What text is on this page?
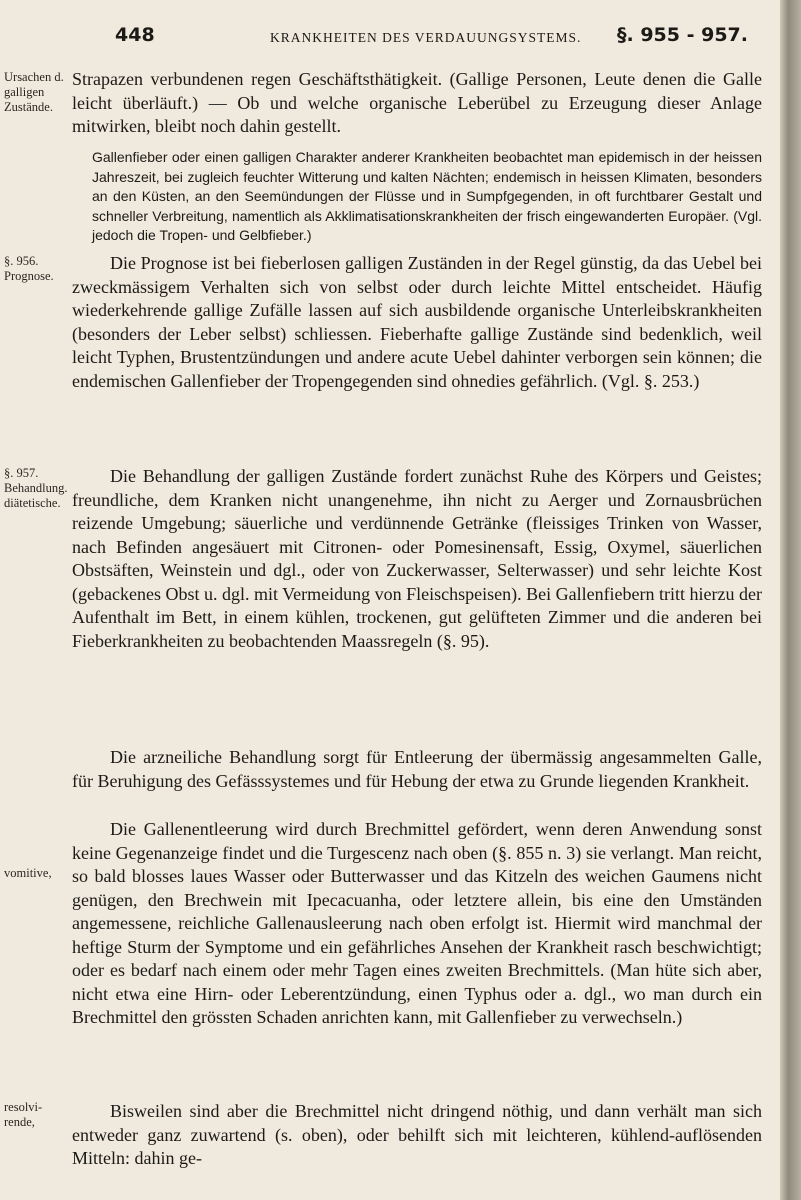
448	KRANKHEITEN DES VERDAUUNGSYSTEMS. §. 955 - 957.
Ursachen d. galligen Zustände.

Strapazen verbundenen regen Geschäftsthätigkeit. (Gallige Personen, Leute denen die Galle leicht überläuft.) — Ob und welche organische Leberübel zu Erzeugung dieser Anlage mitwirken, bleibt noch dahin gestellt.

Gallenfieber oder einen galligen Charakter anderer Krankheiten beobachtet man epidemisch in der heissen Jahreszeit, bei zugleich feuchter Witterung und kalten Nächten; endemisch in heissen Klimaten, besonders an den Küsten, an den Seemündungen der Flüsse und in Sumpfgegenden, in oft furchtbarer Gestalt und schneller Verbreitung, namentlich als Akklimatisationskrankheiten der frisch eingewanderten Europäer. (Vgl. jedoch die Tropen- und Gelbfieber.)

§. 956. Prognose.

Die Prognose ist bei fieberlosen galligen Zuständen in der Regel günstig, da das Uebel bei zweckmässigem Verhalten sich von selbst oder durch leichte Mittel entscheidet. Häufig wiederkehrende gallige Zufälle lassen auf sich ausbildende organische Unterleibskrankheiten (besonders der Leber selbst) schliessen. Fieberhafte gallige Zustände sind bedenklich, weil leicht Typhen, Brustentzündungen und andere acute Uebel dahinter verborgen sein können; die endemischen Gallenfieber der Tropengegenden sind ohnedies gefährlich. (Vgl. §. 253.)

§. 957. Behandlung. diätetische.

Die Behandlung der galligen Zustände fordert zunächst Ruhe des Körpers und Geistes; freundliche, dem Kranken nicht unangenehme, ihn nicht zu Aerger und Zornausbrüchen reizende Umgebung; säuerliche und verdünnende Getränke (fleissiges Trinken von Wasser, nach Befinden angesäuert mit Citronen- oder Pomesinensaft, Essig, Oxymel, säuerlichen Obstsäften, Weinstein und dgl., oder von Zuckerwasser, Selterwasser) und sehr leichte Kost (gebackenes Obst u. dgl. mit Vermeidung von Fleischspeisen). Bei Gallenfiebern tritt hierzu der Aufenthalt im Bett, in einem kühlen, trockenen, gut gelüfteten Zimmer und die anderen bei Fieberkrankheiten zu beobachtenden Maassregeln (§. 95).

Die arzneiliche Behandlung sorgt für Entleerung der übermässig angesammelten Galle, für Beruhigung des Gefässsystemes und für Hebung der etwa zu Grunde liegenden Krankheit.

vomitive,

Die Gallenentleerung wird durch Brechmittel gefördert, wenn deren Anwendung sonst keine Gegenanzeige findet und die Turgescenz nach oben (§. 855 n. 3) sie verlangt. Man reicht, so bald blosses laues Wasser oder Butterwasser und das Kitzeln des weichen Gaumens nicht genügen, den Brechwein mit Ipecacuanha, oder letztere allein, bis eine den Umständen angemessene, reichliche Gallenausleerung nach oben erfolgt ist. Hiermit wird manchmal der heftige Sturm der Symptome und ein gefährliches Ansehen der Krankheit rasch beschwichtigt; oder es bedarf nach einem oder mehr Tagen eines zweiten Brechmittels. (Man hüte sich aber, nicht etwa eine Hirn- oder Leberentzündung, einen Typhus oder a. dgl., wo man durch ein Brechmittel den grössten Schaden anrichten kann, mit Gallenfieber zu verwechseln.)

resolvi-rende,

Bisweilen sind aber die Brechmittel nicht dringend nöthig, und dann verhält man sich entweder ganz zuwartend (s. oben), oder behilft sich mit leichteren, kühlend-auflösenden Mitteln: dahin ge-
